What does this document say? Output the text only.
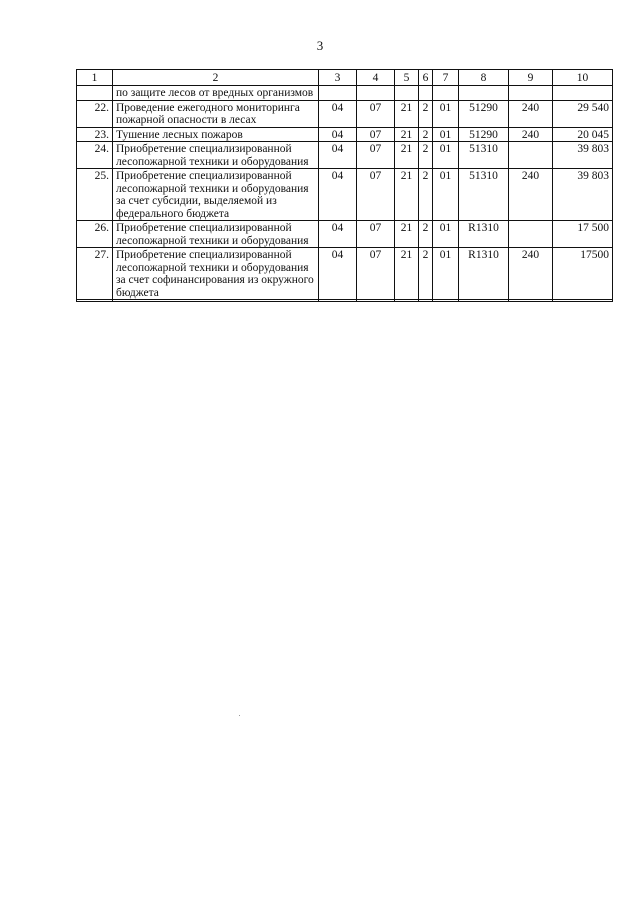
3
1	2	3	4	5	6	7	8	9	10
	по защите лесов от вредных организмов								
22.	Проведение ежегодного мониторинга пожарной опасности в лесах	04	07	21	2	01	51290	240	29 540
23.	Тушение лесных пожаров	04	07	21	2	01	51290	240	20 045
24.	Приобретение специализированной лесопожарной техники и оборудования	04	07	21	2	01	51310		39 803
25.	Приобретение специализированной лесопожарной техники и оборудования за счет субсидии, выделяемой из федерального бюджета	04	07	21	2	01	51310	240	39 803
26.	Приобретение специализированной лесопожарной техники и оборудования	04	07	21	2	01	R1310		17 500
27.	Приобретение специализированной лесопожарной техники и оборудования за счет софинансирования из окружного бюджета	04	07	21	2	01	R1310	240	17500
